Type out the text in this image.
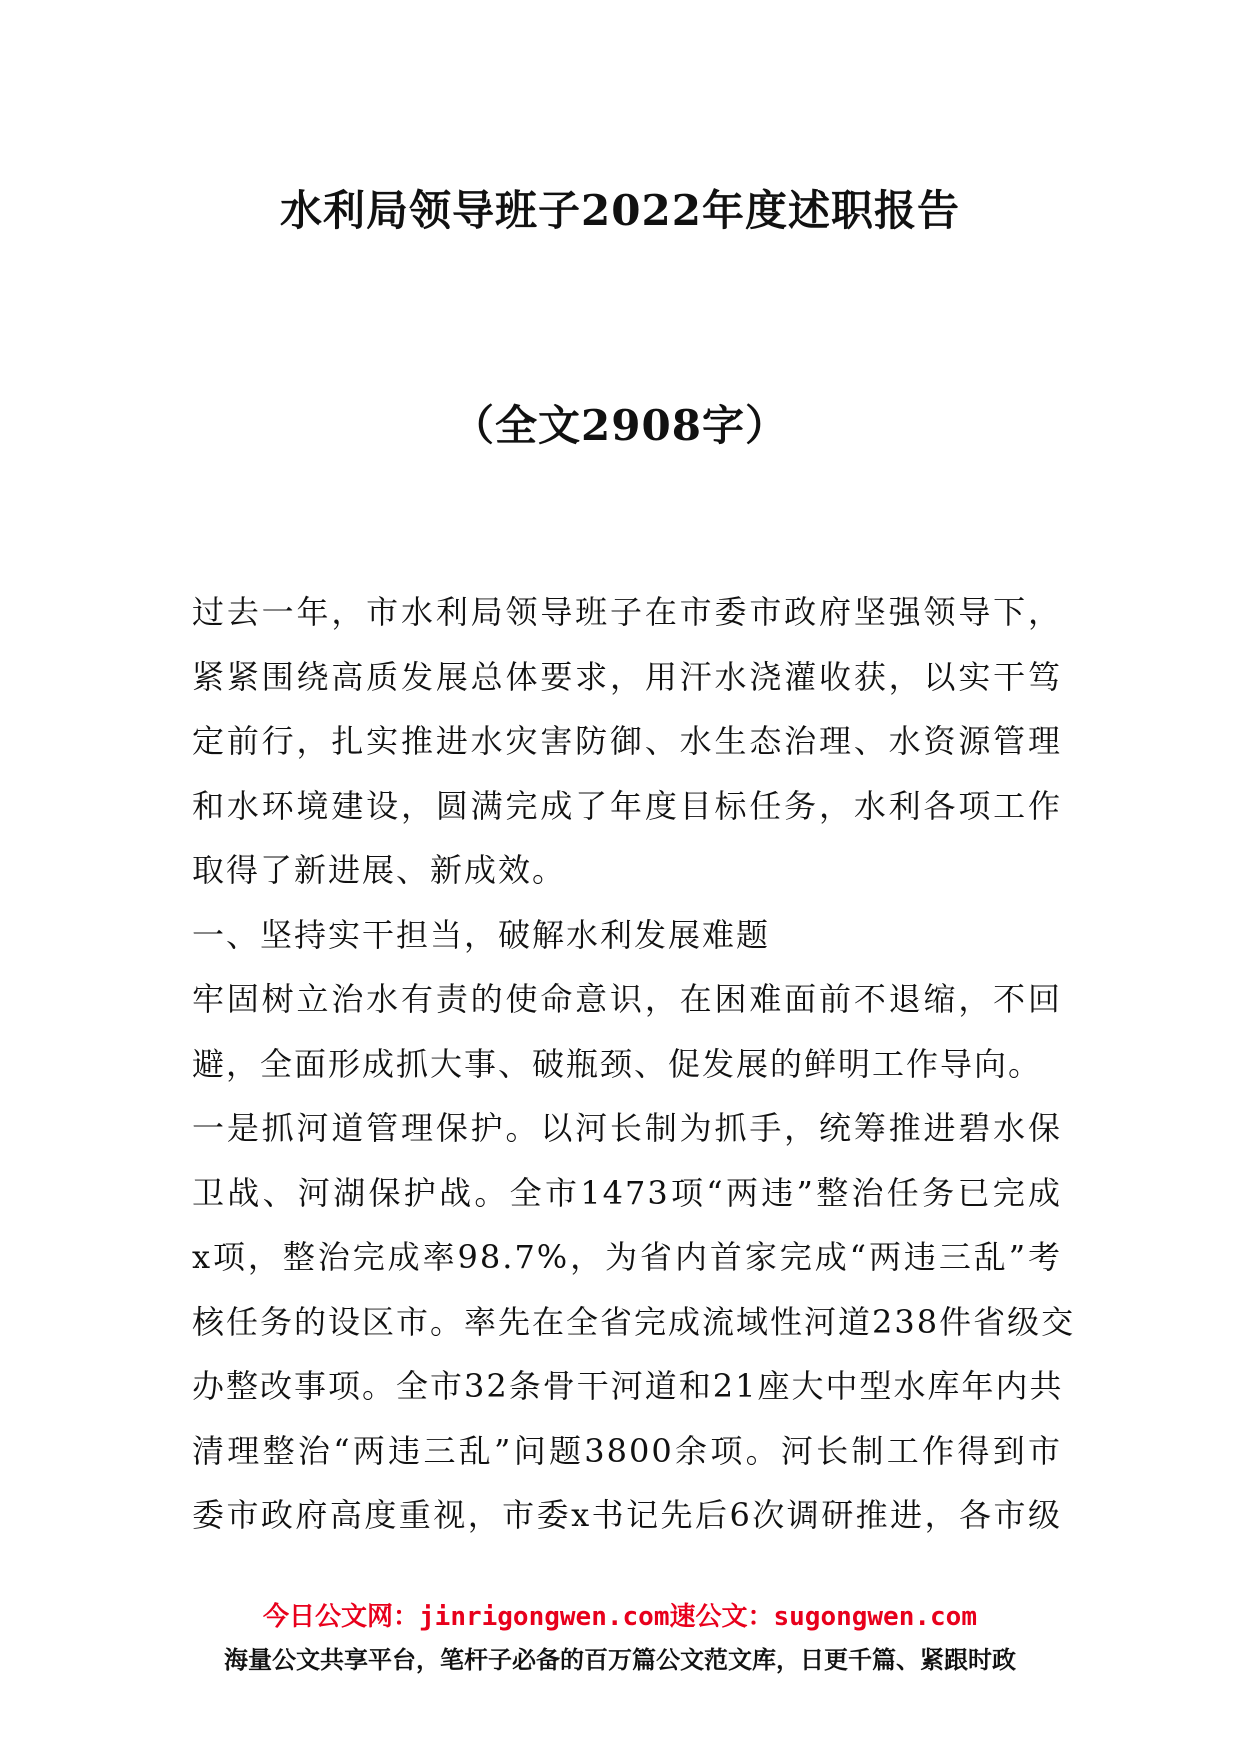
水利局领导班子2022年度述职报告
（全文2908字）
过去一年，市水利局领导班子在市委市政府坚强领导下，
紧紧围绕高质发展总体要求，用汗水浇灌收获，以实干笃
定前行，扎实推进水灾害防御、水生态治理、水资源管理
和水环境建设，圆满完成了年度目标任务，水利各项工作
取得了新进展、新成效。
一、坚持实干担当，破解水利发展难题
牢固树立治水有责的使命意识，在困难面前不退缩，不回
避，全面形成抓大事、破瓶颈、促发展的鲜明工作导向。
一是抓河道管理保护。以河长制为抓手，统筹推进碧水保
卫战、河湖保护战。全市1473项“两违”整治任务已完成
x项，整治完成率98.7%，为省内首家完成“两违三乱”考
核任务的设区市。率先在全省完成流域性河道238件省级交
办整改事项。全市32条骨干河道和21座大中型水库年内共
清理整治“两违三乱”问题3800余项。河长制工作得到市
委市政府高度重视，市委x书记先后6次调研推进，各市级
今日公文网：jinrigongwen.com速公文：sugongwen.com
海量公文共享平台，笔杆子必备的百万篇公文范文库，日更千篇、紧跟时政
